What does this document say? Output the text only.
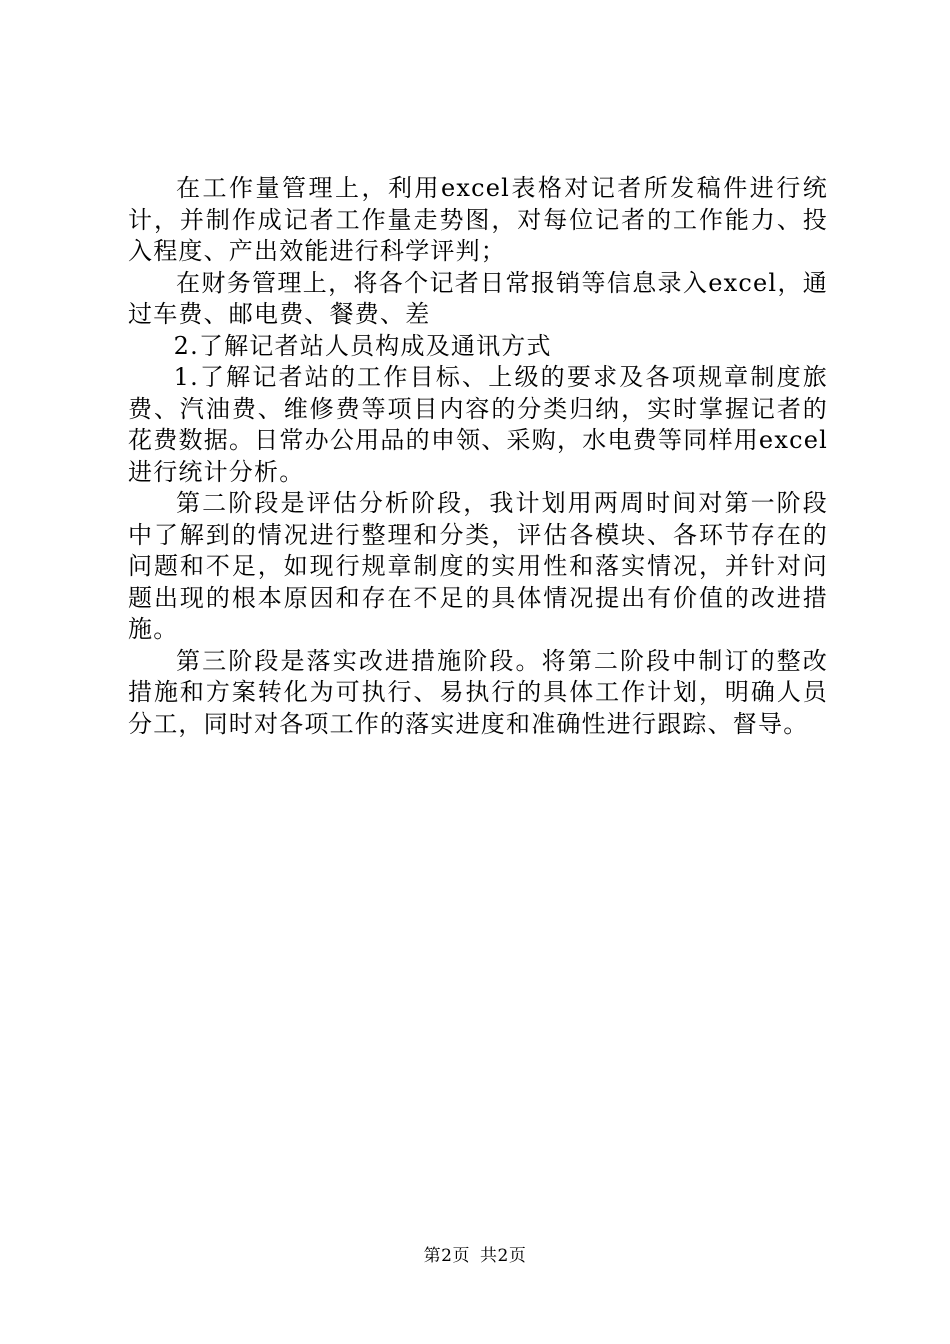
在工作量管理上，利用excel表格对记者所发稿件进行统计，并制作成记者工作量走势图，对每位记者的工作能力、投入程度、产出效能进行科学评判；

在财务管理上，将各个记者日常报销等信息录入excel，通过车费、邮电费、餐费、差

2.了解记者站人员构成及通讯方式

1.了解记者站的工作目标、上级的要求及各项规章制度旅费、汽油费、维修费等项目内容的分类归纳，实时掌握记者的花费数据。日常办公用品的申领、采购，水电费等同样用excel进行统计分析。

第二阶段是评估分析阶段，我计划用两周时间对第一阶段中了解到的情况进行整理和分类，评估各模块、各环节存在的问题和不足，如现行规章制度的实用性和落实情况，并针对问题出现的根本原因和存在不足的具体情况提出有价值的改进措施。

第三阶段是落实改进措施阶段。将第二阶段中制订的整改措施和方案转化为可执行、易执行的具体工作计划，明确人员分工，同时对各项工作的落实进度和准确性进行跟踪、督导。

第2页 共2页
